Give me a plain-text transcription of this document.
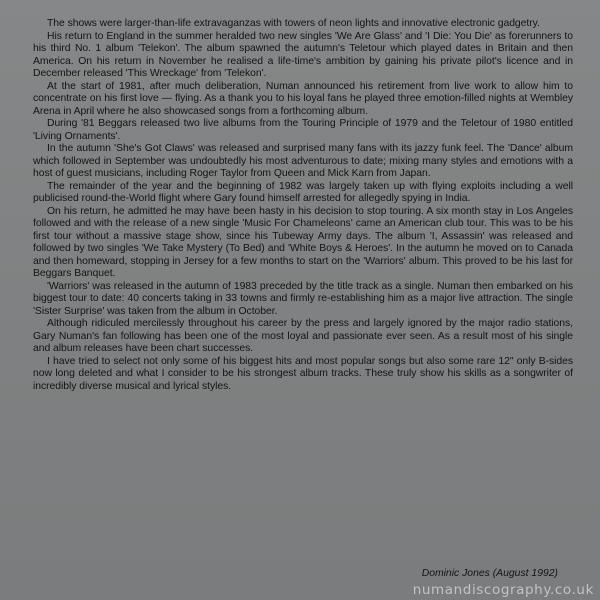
The shows were larger-than-life extravaganzas with towers of neon lights and innovative electronic gadgetry.

His return to England in the summer heralded two new singles 'We Are Glass' and 'I Die: You Die' as forerunners to his third No. 1 album 'Telekon'. The album spawned the autumn's Teletour which played dates in Britain and then America. On his return in November he realised a life-time's ambition by gaining his private pilot's licence and in December released 'This Wreckage' from 'Telekon'.

At the start of 1981, after much deliberation, Numan announced his retirement from live work to allow him to concentrate on his first love — flying. As a thank you to his loyal fans he played three emotion-filled nights at Wembley Arena in April where he also showcased songs from a forthcoming album.

During '81 Beggars released two live albums from the Touring Principle of 1979 and the Teletour of 1980 entitled 'Living Ornaments'.

In the autumn 'She's Got Claws' was released and surprised many fans with its jazzy funk feel. The 'Dance' album which followed in September was undoubtedly his most adventurous to date; mixing many styles and emotions with a host of guest musicians, including Roger Taylor from Queen and Mick Karn from Japan.

The remainder of the year and the beginning of 1982 was largely taken up with flying exploits including a well publicised round-the-World flight where Gary found himself arrested for allegedly spying in India.

On his return, he admitted he may have been hasty in his decision to stop touring. A six month stay in Los Angeles followed and with the release of a new single 'Music For Chameleons' came an American club tour. This was to be his first tour without a massive stage show, since his Tubeway Army days. The album 'I, Assassin' was released and followed by two singles 'We Take Mystery (To Bed) and 'White Boys & Heroes'. In the autumn he moved on to Canada and then homeward, stopping in Jersey for a few months to start on the 'Warriors' album. This proved to be his last for Beggars Banquet.

'Warriors' was released in the autumn of 1983 preceded by the title track as a single. Numan then embarked on his biggest tour to date: 40 concerts taking in 33 towns and firmly re-establishing him as a major live attraction. The single 'Sister Surprise' was taken from the album in October.

Although ridiculed mercilessly throughout his career by the press and largely ignored by the major radio stations, Gary Numan's fan following has been one of the most loyal and passionate ever seen. As a result most of his single and album releases have been chart successes.

I have tried to select not only some of his biggest hits and most popular songs but also some rare 12" only B-sides now long deleted and what I consider to be his strongest album tracks. These truly show his skills as a songwriter of incredibly diverse musical and lyrical styles.

Dominic Jones (August 1992)

numandiscography.co.uk
